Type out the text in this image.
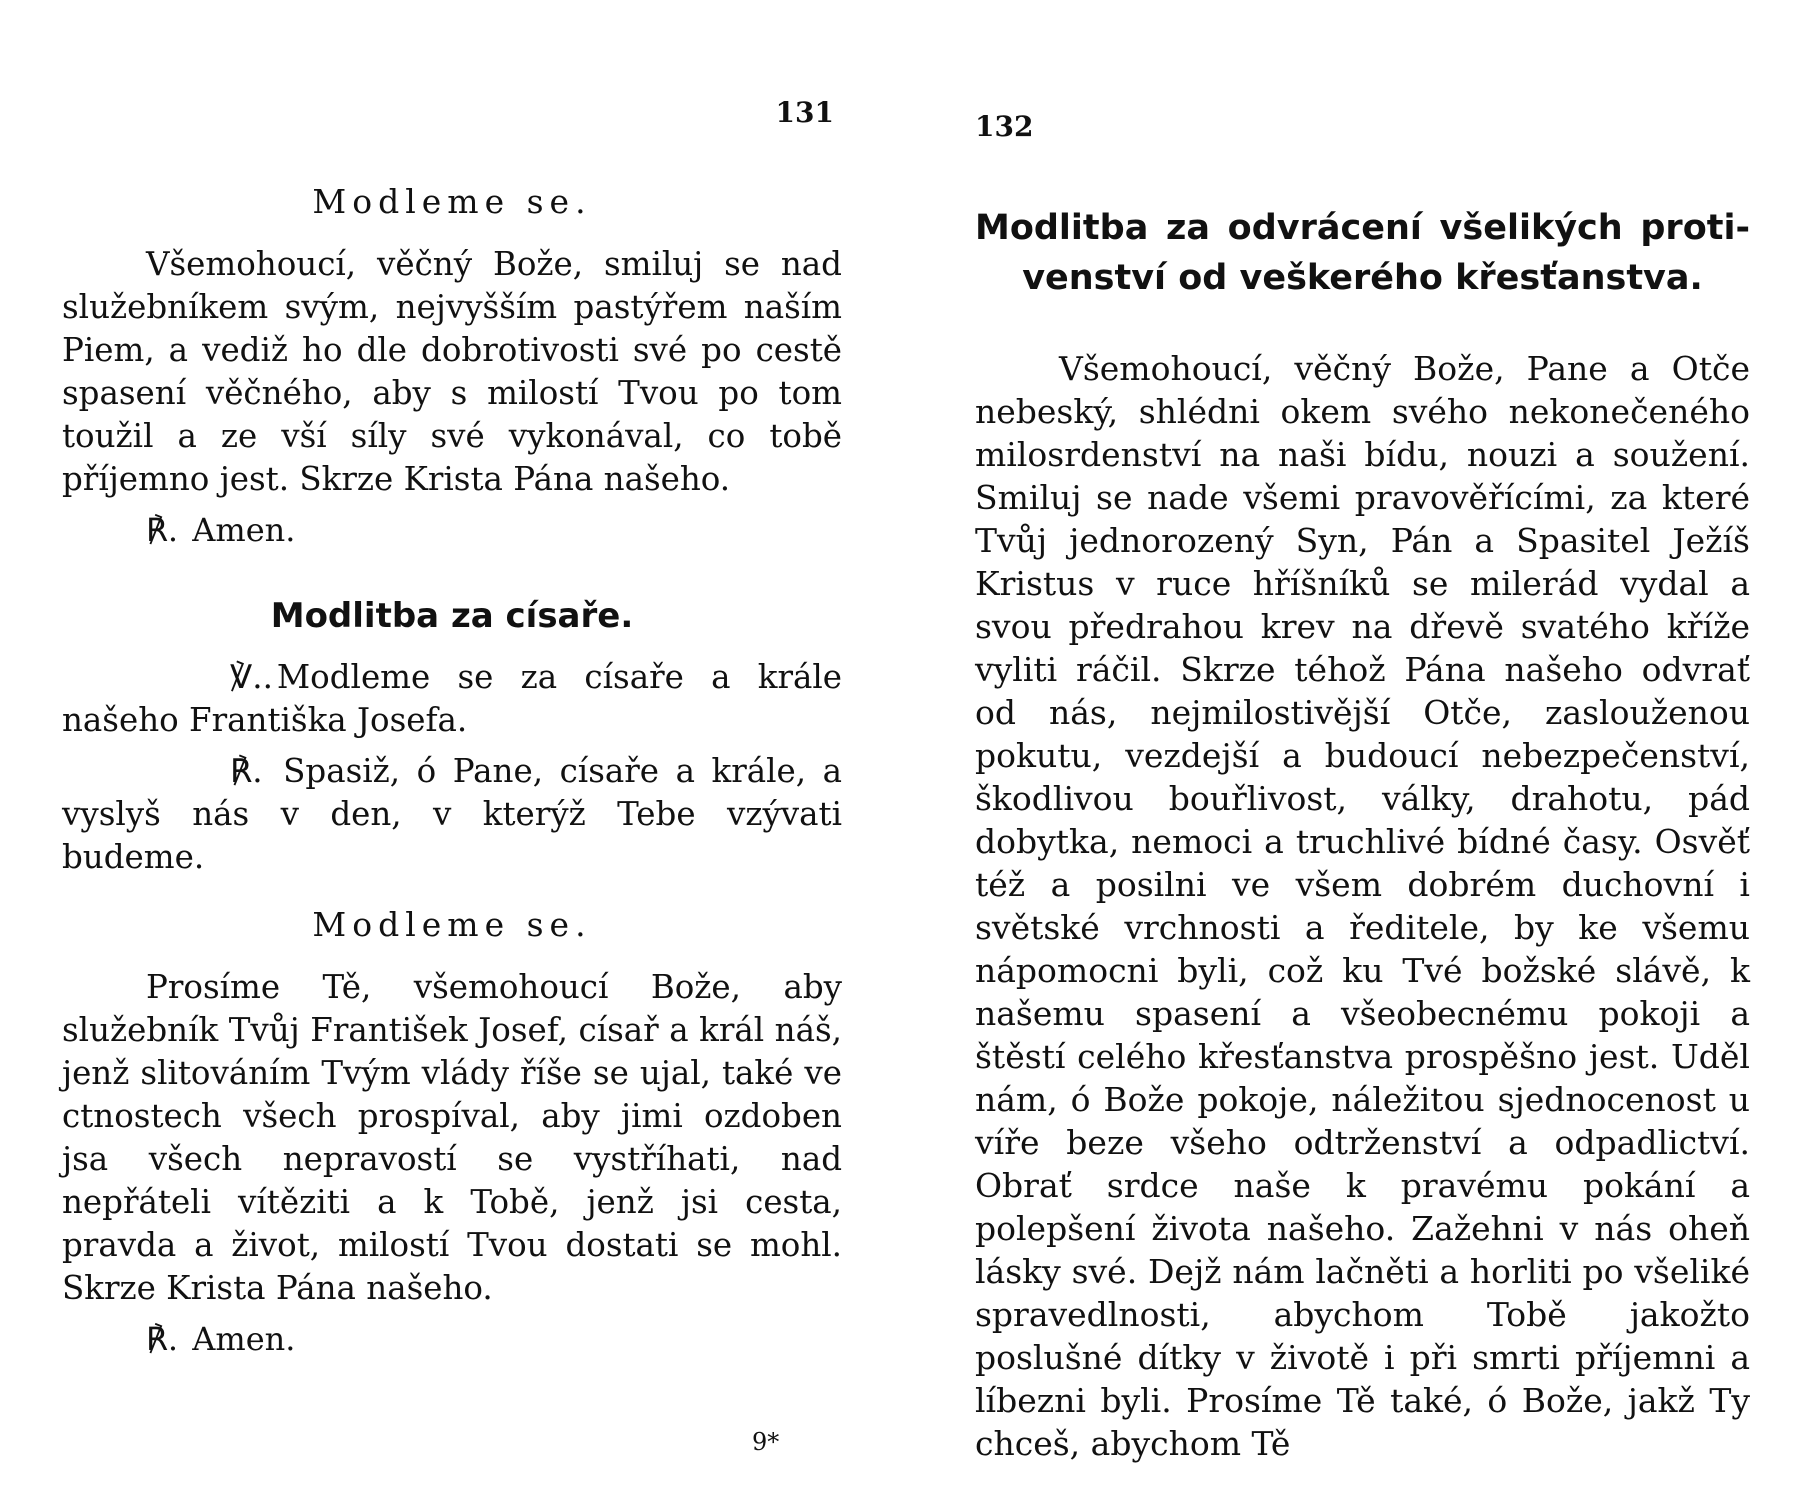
131
Modleme se.

Všemohoucí, věčný Bože, smiluj se nad služebníkem svým, nejvyšším pastýřem naším Piem, a vediž ho dle dobrotivosti své po cestě spasení věčného, aby s milostí Tvou po tom toužil a ze vší síly své vykonával, co tobě příjemno jest. Skrze Krista Pána našeho.

℟. Amen.

Modlitba za císaře.

℣.. Modleme se za císaře a krále našeho Františka Josefa.

℟. Spasiž, ó Pane, císaře a krále, a vyslyš nás v den, v kterýž Tebe vzývati budeme.

Modleme se.

Prosíme Tě, všemohoucí Bože, aby služebník Tvůj František Josef, císař a král náš, jenž slitováním Tvým vlády říše se ujal, také ve ctnostech všech prospíval, aby jimi ozdoben jsa všech nepravostí se vystříhati, nad nepřáteli vítěziti a k Tobě, jenž jsi cesta, pravda a život, milostí Tvou dostati se mohl. Skrze Krista Pána našeho.

℟. Amen.

9*
132
Modlitba za odvrácení všelikých proti-
venství od veškerého křesťanstva.

Všemohoucí, věčný Bože, Pane a Otče nebeský, shlédni okem svého nekonečeného milosrdenství na naši bídu, nouzi a soužení. Smiluj se nade všemi pravověřícími, za které Tvůj jednorozený Syn, Pán a Spasitel Ježíš Kristus v ruce hříšníků se milerád vydal a svou předrahou krev na dřevě svatého kříže vyliti ráčil. Skrze téhož Pána našeho odvrať od nás, nejmilostivější Otče, zaslouženou pokutu, vezdejší a budoucí nebezpečenství, škodlivou bouřlivost, války, drahotu, pád dobytka, nemoci a truchlivé bídné časy. Osvěť též a posilni ve všem dobrém duchovní i světské vrchnosti a ředitele, by ke všemu nápomocni byli, což ku Tvé božské slávě, k našemu spasení a všeobecnému pokoji a štěstí celého křesťanstva prospěšno jest. Uděl nám, ó Bože pokoje, náležitou sjednocenost u víře beze všeho odtrženství a odpadlictví. Obrať srdce naše k pravému pokání a polepšení života našeho. Zažehni v nás oheň lásky své. Dejž nám lačněti a horliti po všeliké spravedlnosti, abychom Tobě jakožto poslušné dítky v životě i při smrti příjemni a líbezni byli. Prosíme Tě také, ó Bože, jakž Ty chceš, abychom Tě
